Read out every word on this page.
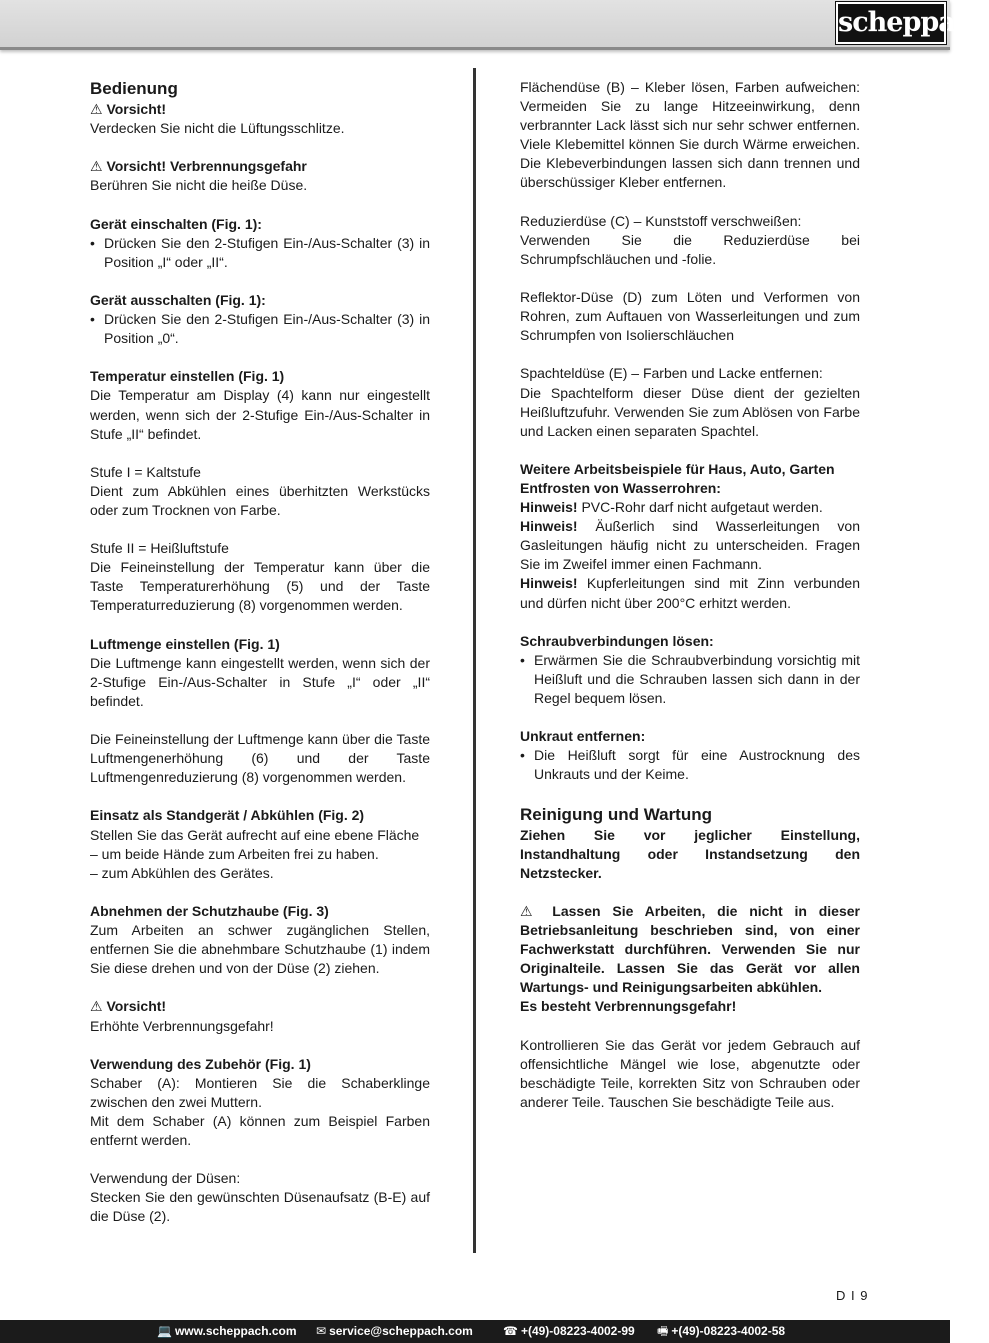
scheppach

Bedienung

⚠ Vorsicht!

Verdecken Sie nicht die Lüftungsschlitze.

⚠ Vorsicht! Verbrennungsgefahr

Berühren Sie nicht die heiße Düse.

Gerät einschalten (Fig. 1):

• Drücken Sie den 2-Stufigen Ein-/Aus-Schalter (3) in Position „I“ oder „II“.

Gerät ausschalten (Fig. 1):

• Drücken Sie den 2-Stufigen Ein-/Aus-Schalter (3) in Position „0“.

Temperatur einstellen (Fig. 1)

Die Temperatur am Display (4) kann nur eingestellt werden, wenn sich der 2-Stufige Ein-/Aus-Schalter in Stufe „II“ befindet.

Stufe I = Kaltstufe

Dient zum Abkühlen eines überhitzten Werkstücks oder zum Trocknen von Farbe.

Stufe II = Heißluftstufe

Die Feineinstellung der Temperatur kann über die Taste Temperaturerhöhung (5) und der Taste Temperaturreduzierung (8) vorgenommen werden.

Luftmenge einstellen (Fig. 1)

Die Luftmenge kann eingestellt werden, wenn sich der 2-Stufige Ein-/Aus-Schalter in Stufe „I“ oder „II“ befindet.

Die Feineinstellung der Luftmenge kann über die Taste Luftmengenerhöhung (6) und der Taste Luftmengenreduzierung (8) vorgenommen werden.

Einsatz als Standgerät / Abkühlen (Fig. 2)

Stellen Sie das Gerät aufrecht auf eine ebene Fläche

– um beide Hände zum Arbeiten frei zu haben.

– zum Abkühlen des Gerätes.

Abnehmen der Schutzhaube (Fig. 3)

Zum Arbeiten an schwer zugänglichen Stellen, entfernen Sie die abnehmbare Schutzhaube (1) indem Sie diese drehen und von der Düse (2) ziehen.

⚠ Vorsicht!

Erhöhte Verbrennungsgefahr!

Verwendung des Zubehör (Fig. 1)

Schaber (A): Montieren Sie die Schaberklinge zwischen den zwei Muttern.

Mit dem Schaber (A) können zum Beispiel Farben entfernt werden.

Verwendung der Düsen:

Stecken Sie den gewünschten Düsenaufsatz (B-E) auf die Düse (2).

Flächendüse (B) – Kleber lösen, Farben aufweichen: Vermeiden Sie zu lange Hitzeeinwirkung, denn verbrannter Lack lässt sich nur sehr schwer entfernen. Viele Klebemittel können Sie durch Wärme erweichen. Die Klebeverbindungen lassen sich dann trennen und überschüssiger Kleber entfernen.

Reduzierdüse (C) – Kunststoff verschweißen:

Verwenden Sie die Reduzierdüse bei Schrumpfschläuchen und -folie.

Reflektor-Düse (D) zum Löten und Verformen von Rohren, zum Auftauen von Wasserleitungen und zum Schrumpfen von Isolierschläuchen

Spachteldüse (E) – Farben und Lacke entfernen:

Die Spachtelform dieser Düse dient der gezielten Heißluftzufuhr. Verwenden Sie zum Ablösen von Farbe und Lacken einen separaten Spachtel.

Weitere Arbeitsbeispiele für Haus, Auto, Garten

Entfrosten von Wasserrohren:

Hinweis! PVC-Rohr darf nicht aufgetaut werden.

Hinweis! Äußerlich sind Wasserleitungen von Gasleitungen häufig nicht zu unterscheiden. Fragen Sie im Zweifel immer einen Fachmann.

Hinweis! Kupferleitungen sind mit Zinn verbunden und dürfen nicht über 200°C erhitzt werden.

Schraubverbindungen lösen:

• Erwärmen Sie die Schraubverbindung vorsichtig mit Heißluft und die Schrauben lassen sich dann in der Regel bequem lösen.

Unkraut entfernen:

• Die Heißluft sorgt für eine Austrocknung des Unkrauts und der Keime.

Reinigung und Wartung

Ziehen Sie vor jeglicher Einstellung, Instandhaltung oder Instandsetzung den Netzstecker.

⚠ Lassen Sie Arbeiten, die nicht in dieser Betriebsanleitung beschrieben sind, von einer Fachwerkstatt durchführen. Verwenden Sie nur Originalteile. Lassen Sie das Gerät vor allen Wartungs- und Reinigungsarbeiten abkühlen.

Es besteht Verbrennungsgefahr!

Kontrollieren Sie das Gerät vor jedem Gebrauch auf offensichtliche Mängel wie lose, abgenutzte oder beschädigte Teile, korrekten Sitz von Schrauben oder anderer Teile. Tauschen Sie beschädigte Teile aus.

D I 9
💻 www.scheppach.com ✉ service@scheppach.com	☎ +(49)-08223-4002-99 🖷 +(49)-08223-4002-58
